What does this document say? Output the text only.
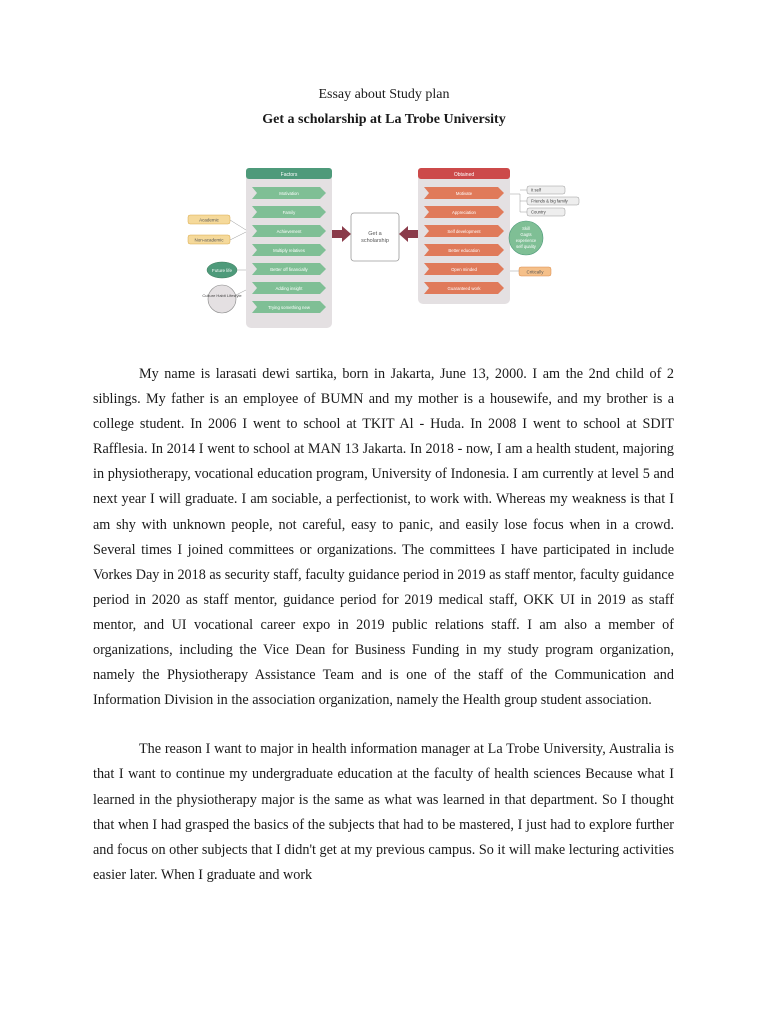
Essay about Study plan
Get a scholarship at La Trobe University
Factors
Motivation
Family
Achievement
Multiply relatives
Better off financially
Adding insight
Trying something new
Obtained
Motivate
Appreciation
Self development
Better education
Open minded
Guaranteed work
Get a
scholarship
Academic
Non-academic
Future life
Culture Habit Lifestyle
It self
Friends & big family
Country
Skill
Gagts
experience
self quality
Critically

My name is larasati dewi sartika, born in Jakarta, June 13, 2000. I am the 2nd child of 2 siblings. My father is an employee of BUMN and my mother is a housewife, and my brother is a college student. In 2006 I went to school at TKIT Al - Huda. In 2008 I went to school at SDIT Rafflesia. In 2014 I went to school at MAN 13 Jakarta. In 2018 - now, I am a health student, majoring in physiotherapy, vocational education program, University of Indonesia. I am currently at level 5 and next year I will graduate. I am sociable, a perfectionist, to work with. Whereas my weakness is that I am shy with unknown people, not careful, easy to panic, and easily lose focus when in a crowd. Several times I joined committees or organizations. The committees I have participated in include Vorkes Day in 2018 as security staff, faculty guidance period in 2019 as staff mentor, faculty guidance period in 2020 as staff mentor, guidance period for 2019 medical staff, OKK UI in 2019 as staff mentor, and UI vocational career expo in 2019 public relations staff. I am also a member of organizations, including the Vice Dean for Business Funding in my study program organization, namely the Physiotherapy Assistance Team and is one of the staff of the Communication and Information Division in the association organization, namely the Health group student association.

The reason I want to major in health information manager at La Trobe University, Australia is that I want to continue my undergraduate education at the faculty of health sciences Because what I learned in the physiotherapy major is the same as what was learned in that department. So I thought that when I had grasped the basics of the subjects that had to be mastered, I just had to explore further and focus on other subjects that I didn't get at my previous campus. So it will make lecturing activities easier later. When I graduate and work
